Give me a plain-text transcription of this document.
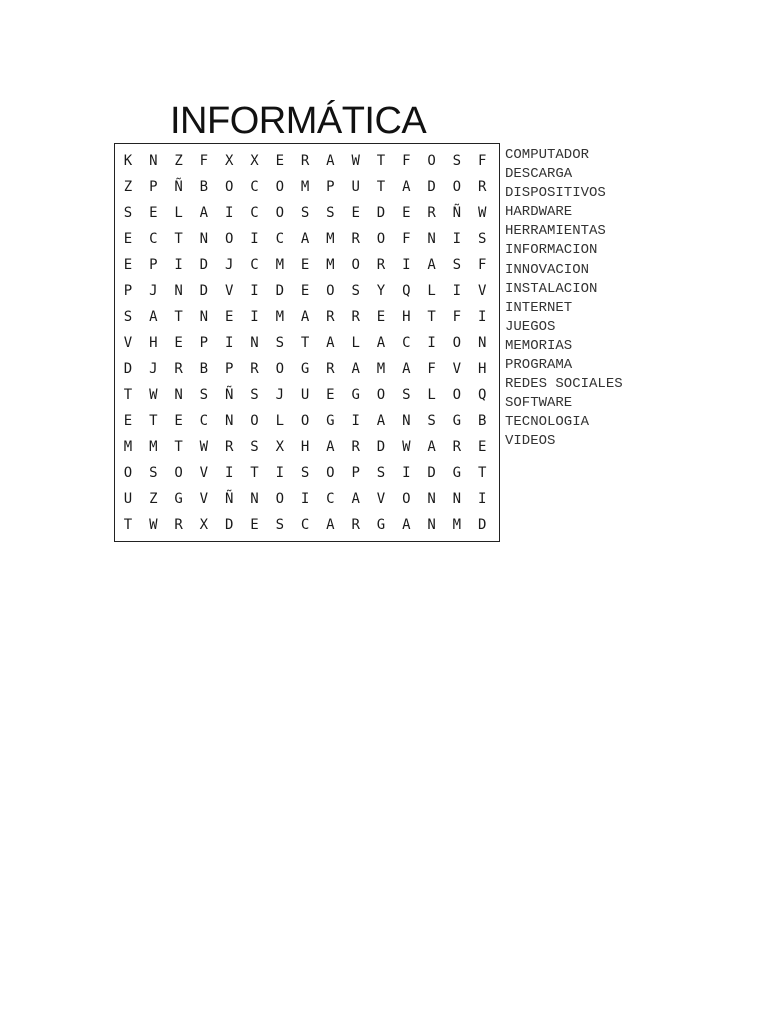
INFORMÁTICA
K	N	Z	F	X	X	E	R	A	W	T	F	O	S	F
Z	P	Ñ	B	O	C	O	M	P	U	T	A	D	O	R
S	E	L	A	I	C	O	S	S	E	D	E	R	Ñ	W
E	C	T	N	O	I	C	A	M	R	O	F	N	I	S
E	P	I	D	J	C	M	E	M	O	R	I	A	S	F
P	J	N	D	V	I	D	E	O	S	Y	Q	L	I	V
S	A	T	N	E	I	M	A	R	R	E	H	T	F	I
V	H	E	P	I	N	S	T	A	L	A	C	I	O	N
D	J	R	B	P	R	O	G	R	A	M	A	F	V	H
T	W	N	S	Ñ	S	J	U	E	G	O	S	L	O	Q
E	T	E	C	N	O	L	O	G	I	A	N	S	G	B
M	M	T	W	R	S	X	H	A	R	D	W	A	R	E
O	S	O	V	I	T	I	S	O	P	S	I	D	G	T
U	Z	G	V	Ñ	N	O	I	C	A	V	O	N	N	I
T	W	R	X	D	E	S	C	A	R	G	A	N	M	D
COMPUTADOR
DESCARGA
DISPOSITIVOS
HARDWARE
HERRAMIENTAS
INFORMACION
INNOVACION
INSTALACION
INTERNET
JUEGOS
MEMORIAS
PROGRAMA
REDES SOCIALES
SOFTWARE
TECNOLOGIA
VIDEOS
